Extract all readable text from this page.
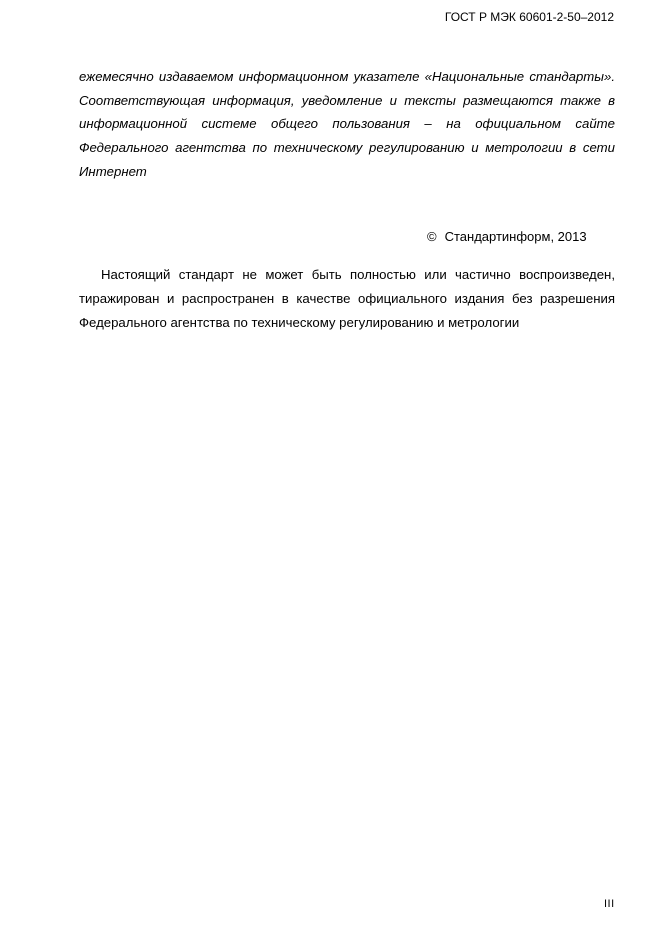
ГОСТ Р МЭК 60601-2-50–2012
ежемесячно издаваемом информационном указателе «Национальные стандарты».
Соответствующая информация, уведомление и тексты размещаются также в
информационной системе общего пользования – на официальном сайте
Федерального агентства по техническому регулированию и метрологии в сети
Интернет
© Стандартинформ, 2013
Настоящий стандарт не может быть полностью или частично воспроизведен,
тиражирован и распространен в качестве официального издания без разрешения
Федерального агентства по техническому регулированию и метрологии
III
